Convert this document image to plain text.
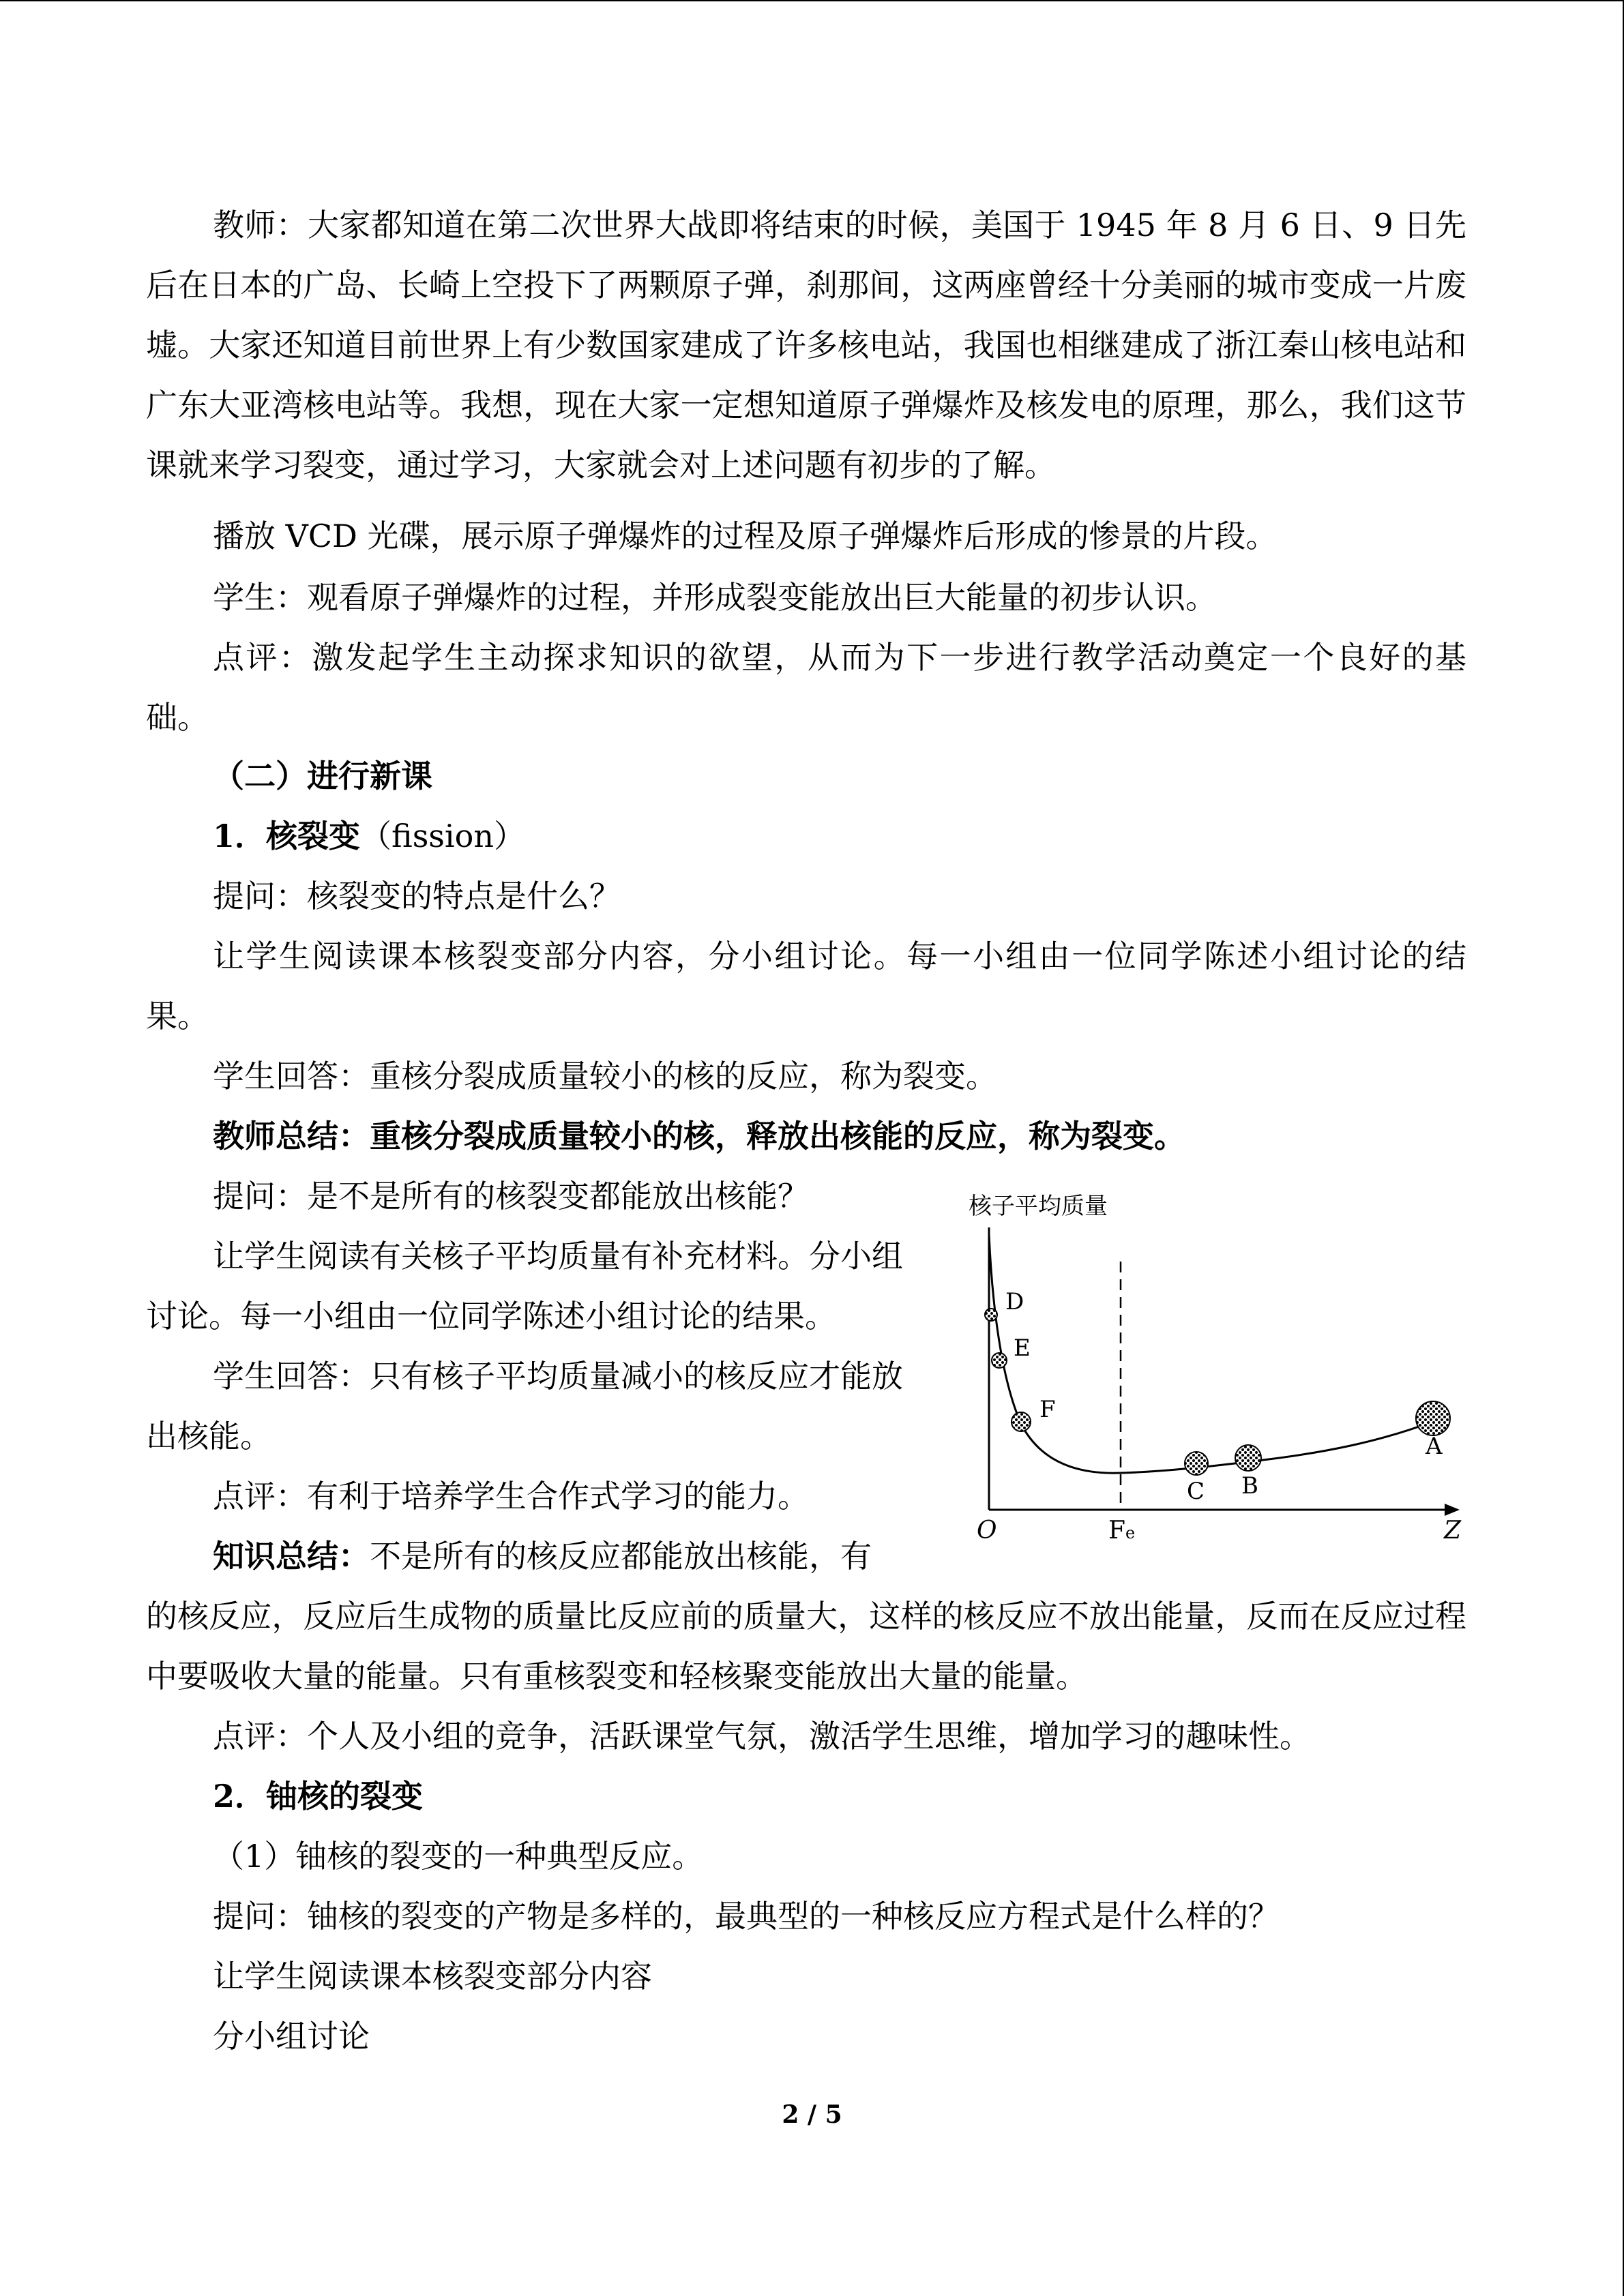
教师：大家都知道在第二次世界大战即将结束的时候，美国于 1945 年 8 月 6 日、9 日先后在日本的广岛、长崎上空投下了两颗原子弹，刹那间，这两座曾经十分美丽的城市变成一片废墟。大家还知道目前世界上有少数国家建成了许多核电站，我国也相继建成了浙江秦山核电站和广东大亚湾核电站等。我想，现在大家一定想知道原子弹爆炸及核发电的原理，那么，我们这节课就来学习裂变，通过学习，大家就会对上述问题有初步的了解。

播放 VCD 光碟，展示原子弹爆炸的过程及原子弹爆炸后形成的惨景的片段。
学生：观看原子弹爆炸的过程，并形成裂变能放出巨大能量的初步认识。

点评：激发起学生主动探求知识的欲望，从而为下一步进行教学活动奠定一个良好的基础。

（二）进行新课
1．核裂变（fission）
提问：核裂变的特点是什么？

让学生阅读课本核裂变部分内容，分小组讨论。每一小组由一位同学陈述小组讨论的结果。

学生回答：重核分裂成质量较小的核的反应，称为裂变。
教师总结：重核分裂成质量较小的核，释放出核能的反应，称为裂变。
提问：是不是所有的核裂变都能放出核能？

让学生阅读有关核子平均质量有补充材料。分小组讨论。每一小组由一位同学陈述小组讨论的结果。

学生回答：只有核子平均质量减小的核反应才能放出核能。

点评：有利于培养学生合作式学习的能力。
知识总结：不是所有的核反应都能放出核能，有

的核反应，反应后生成物的质量比反应前的质量大，这样的核反应不放出能量，反而在反应过程中要吸收大量的能量。只有重核裂变和轻核聚变能放出大量的能量。

点评：个人及小组的竞争，活跃课堂气氛，激活学生思维，增加学习的趣味性。
2．铀核的裂变
（1）铀核的裂变的一种典型反应。
提问：铀核的裂变的产物是多样的，最典型的一种核反应方程式是什么样的？
让学生阅读课本核裂变部分内容
分小组讨论
核子平均质量
D
E
F
C B
A
O	Fe	Z
2 / 5
